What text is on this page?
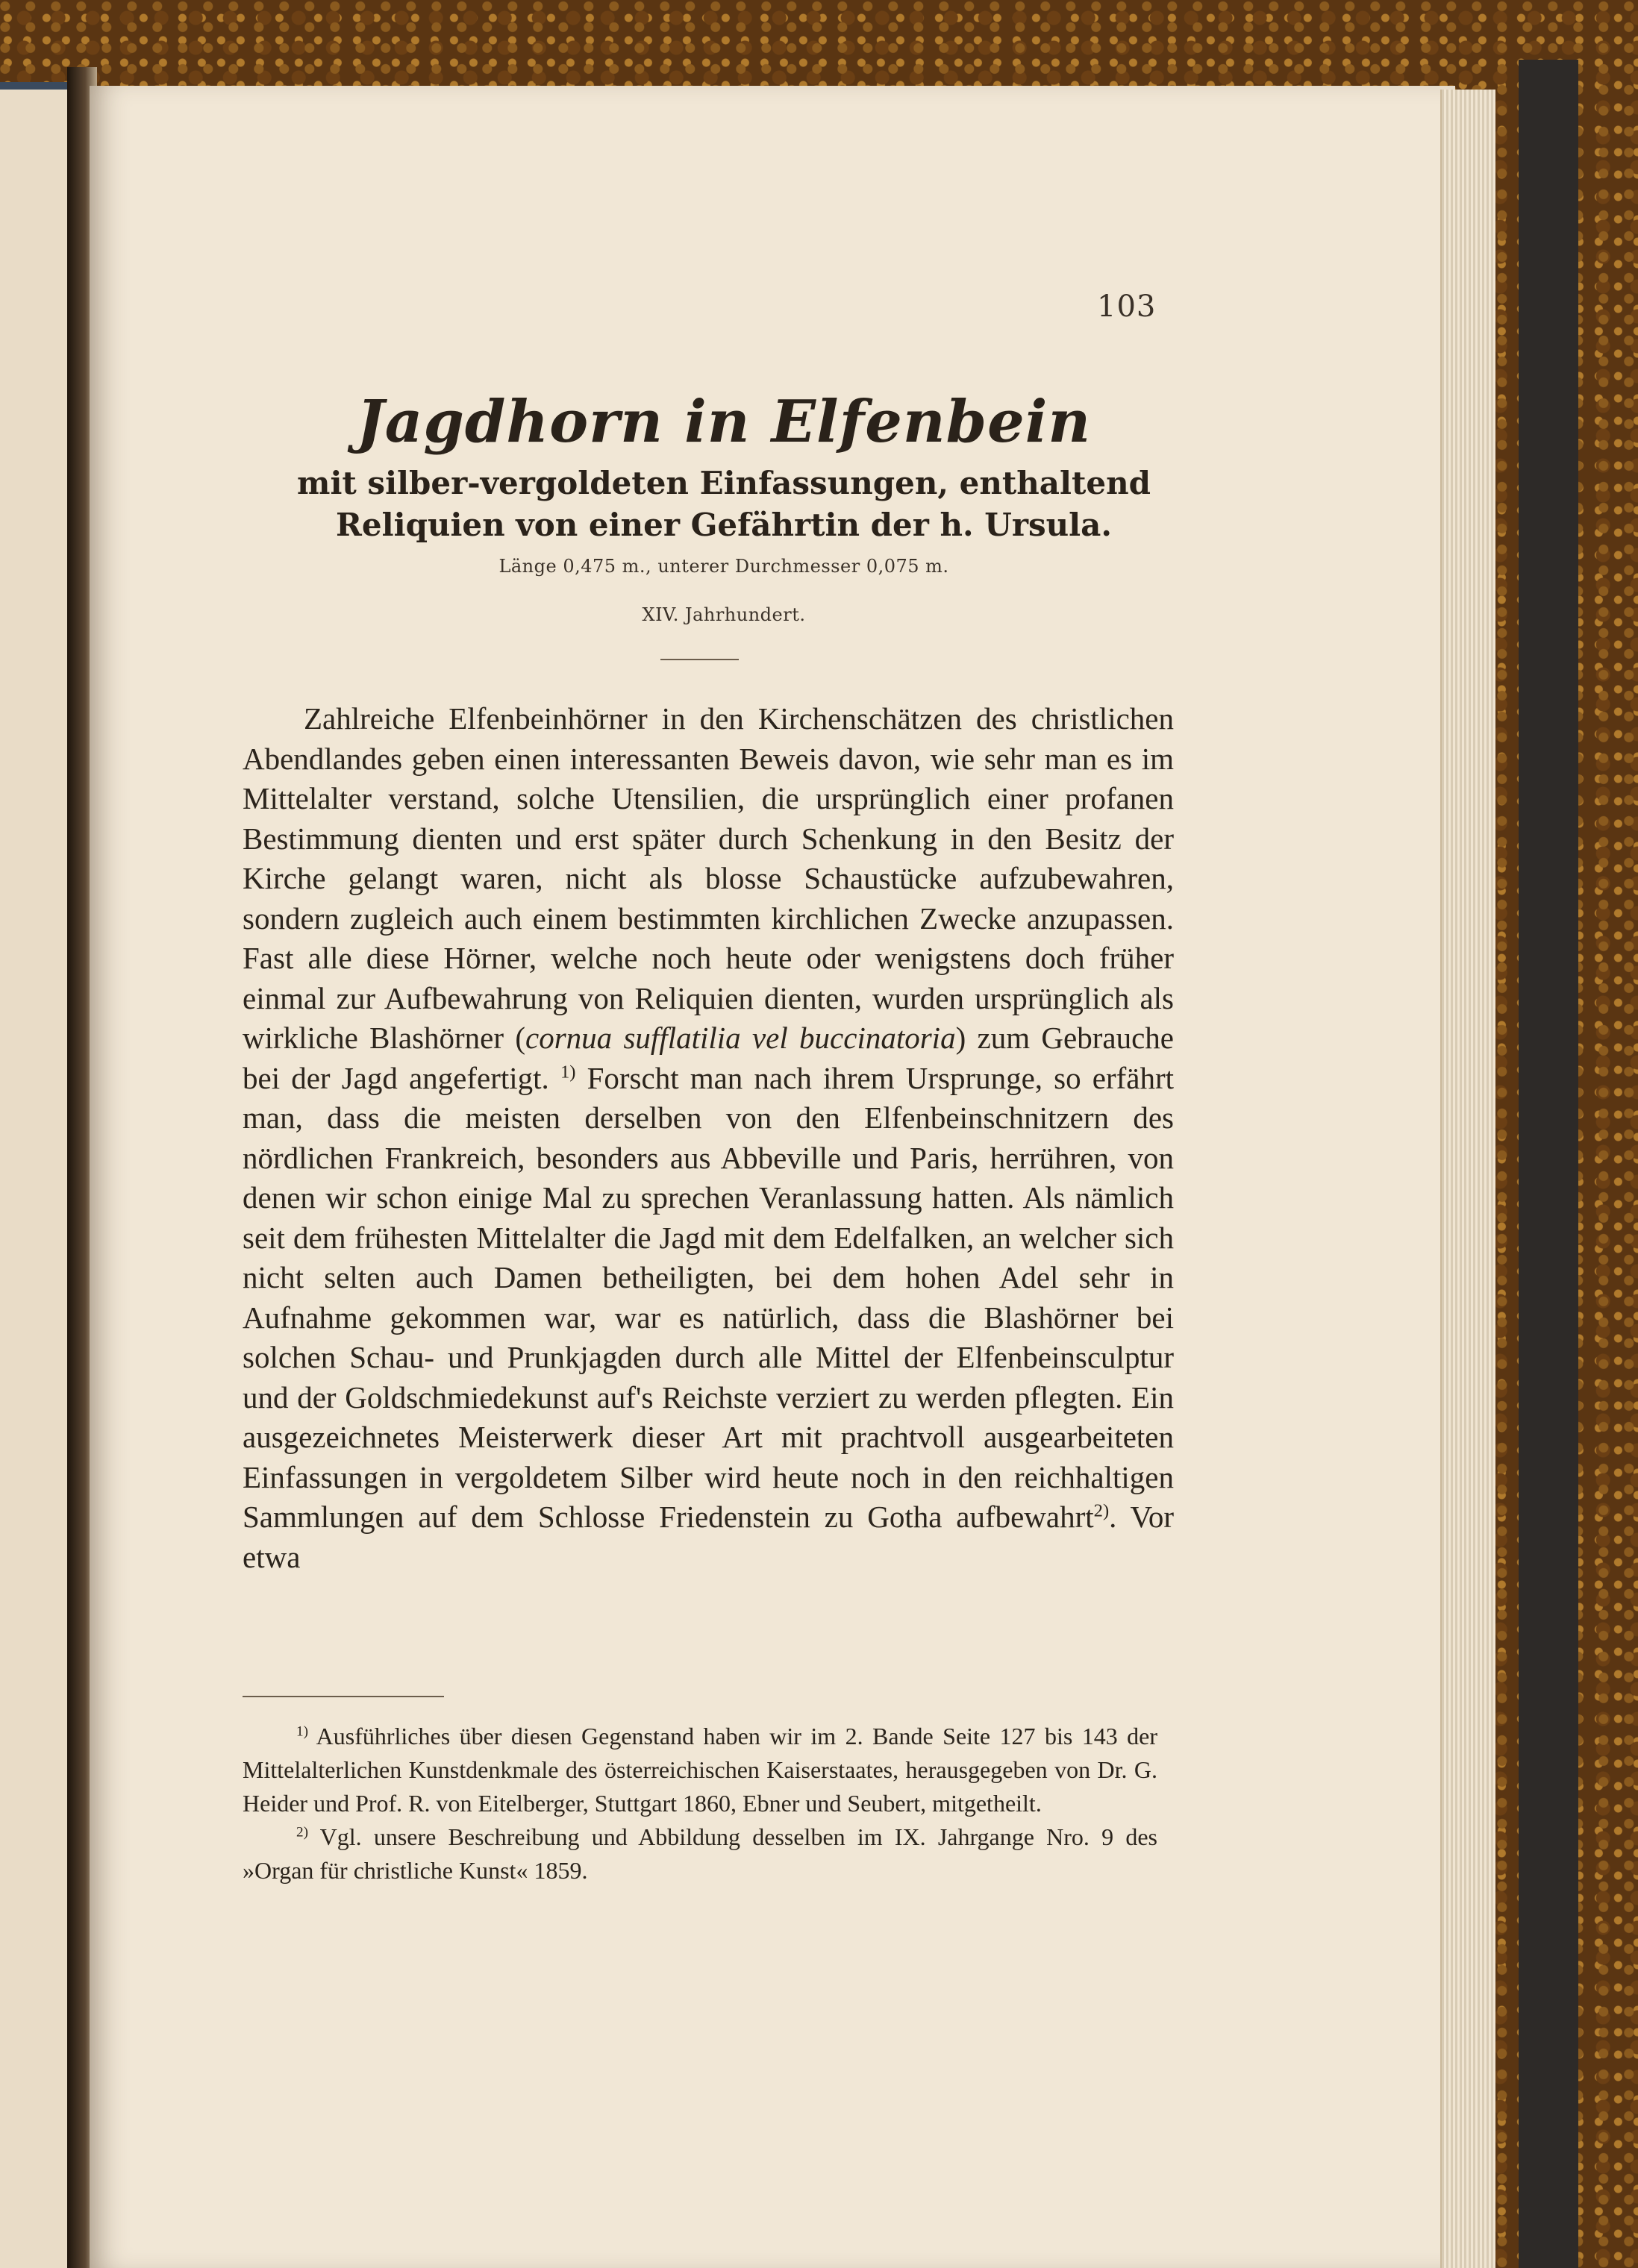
103
Jagdhorn in Elfenbein
mit silber-vergoldeten Einfassungen, enthaltend Reliquien von einer Gefährtin der h. Ursula.
Länge 0,475 m., unterer Durchmesser 0,075 m.
XIV. Jahrhundert.

Zahlreiche Elfenbeinhörner in den Kirchenschätzen des christlichen Abendlandes geben einen interessanten Beweis davon, wie sehr man es im Mittelalter verstand, solche Utensilien, die ursprünglich einer profanen Bestimmung dienten und erst später durch Schenkung in den Besitz der Kirche gelangt waren, nicht als blosse Schaustücke aufzubewahren, sondern zugleich auch einem bestimmten kirchlichen Zwecke anzupassen. Fast alle diese Hörner, welche noch heute oder wenigstens doch früher einmal zur Aufbewahrung von Reliquien dienten, wurden ursprünglich als wirkliche Blashörner (cornua sufflatilia vel buccinatoria) zum Gebrauche bei der Jagd angefertigt. $^{1)}$ Forscht man nach ihrem Ursprunge, so erfährt man, dass die meisten derselben von den Elfenbeinschnitzern des nördlichen Frankreich, besonders aus Abbeville und Paris, herrühren, von denen wir schon einige Mal zu sprechen Veranlassung hatten. Als nämlich seit dem frühesten Mittelalter die Jagd mit dem Edelfalken, an welcher sich nicht selten auch Damen betheiligten, bei dem hohen Adel sehr in Aufnahme gekommen war, war es natürlich, dass die Blashörner bei solchen Schau- und Prunkjagden durch alle Mittel der Elfenbeinsculptur und der Goldschmiedekunst auf's Reichste verziert zu werden pflegten. Ein ausgezeichnetes Meisterwerk dieser Art mit prachtvoll ausgearbeiteten Einfassungen in vergoldetem Silber wird heute noch in den reichhaltigen Sammlungen auf dem Schlosse Friedenstein zu Gotha aufbewahrt$^{2)}$. Vor etwa

$^{1)}$ Ausführliches über diesen Gegenstand haben wir im 2. Bande Seite 127 bis 143 der Mittelalterlichen Kunstdenkmale des österreichischen Kaiserstaates, herausgegeben von Dr. G. Heider und Prof. R. von Eitelberger, Stuttgart 1860, Ebner und Seubert, mitgetheilt.

$^{2)}$ Vgl. unsere Beschreibung und Abbildung desselben im IX. Jahrgange Nro. 9 des »Organ für christliche Kunst« 1859.
